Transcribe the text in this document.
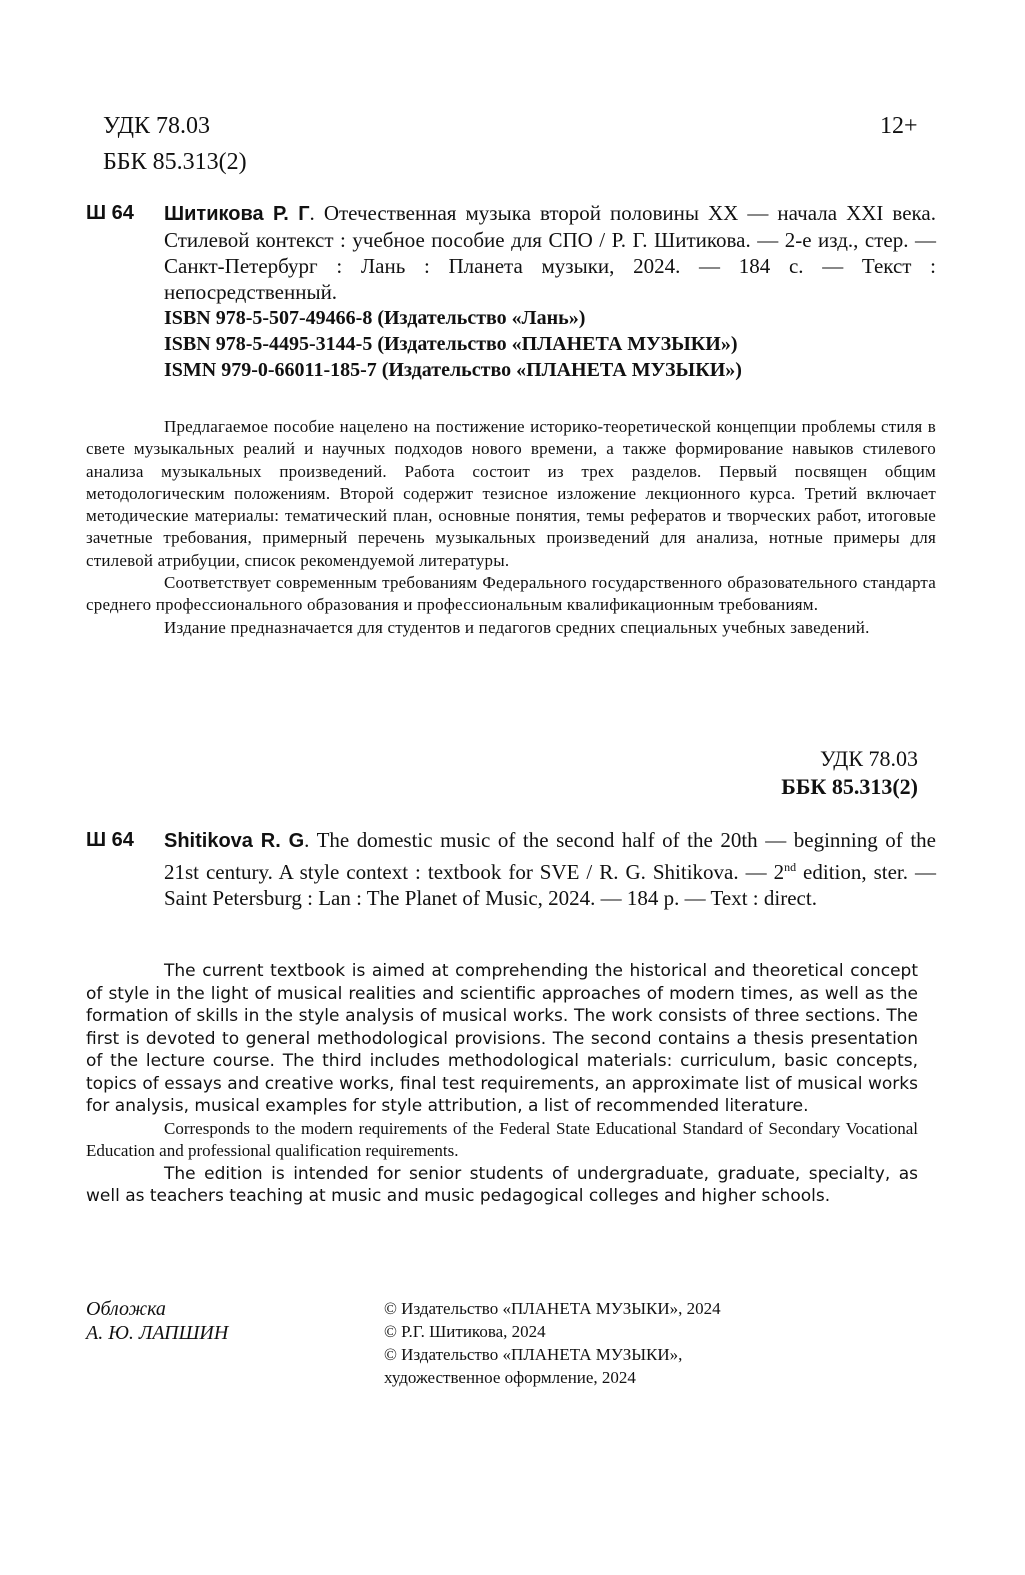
УДК 78.03
ББК 85.313(2)
12+
Ш 64 Шитикова Р. Г. Отечественная музыка второй половины XX — начала XXI века. Стилевой контекст : учебное пособие для СПО / Р. Г. Шитикова. — 2-е изд., стер. — Санкт-Петербург : Лань : Планета музыки, 2024. — 184 с. — Текст : непосредственный.
ISBN 978-5-507-49466-8 (Издательство «Лань»)
ISBN 978-5-4495-3144-5 (Издательство «ПЛАНЕТА МУЗЫКИ»)
ISMN 979-0-66011-185-7 (Издательство «ПЛАНЕТА МУЗЫКИ»)

Предлагаемое пособие нацелено на постижение историко-теоретической концепции проблемы стиля в свете музыкальных реалий и научных подходов нового времени, а также формирование навыков стилевого анализа музыкальных произведений. Работа состоит из трех разделов. Первый посвящен общим методологическим положениям. Второй содержит тезисное изложение лекционного курса. Третий включает методические материалы: тематический план, основные понятия, темы рефератов и творческих работ, итоговые зачетные требования, примерный перечень музыкальных произведений для анализа, нотные примеры для стилевой атрибуции, список рекомендуемой литературы.

Соответствует современным требованиям Федерального государственного образовательного стандарта среднего профессионального образования и профессиональным квалификационным требованиям.

Издание предназначается для студентов и педагогов средних специальных учебных заведений.

УДК 78.03
ББК 85.313(2)
Ш 64 Shitikova R. G. The domestic music of the second half of the 20th — beginning of the 21st century. A style context : textbook for SVE / R. G. Shitikova. — 2nd edition, ster. — Saint Petersburg : Lan : The Planet of Music, 2024. — 184 p. — Text : direct.

The current textbook is aimed at comprehending the historical and theoretical concept of style in the light of musical realities and scientific approaches of modern times, as well as the formation of skills in the style analysis of musical works. The work consists of three sections. The first is devoted to general methodological provisions. The second contains a thesis presentation of the lecture course. The third includes methodological materials: curriculum, basic concepts, topics of essays and creative works, final test requirements, an approximate list of musical works for analysis, musical examples for style attribution, a list of recommended literature.

Corresponds to the modern requirements of the Federal State Educational Standard of Secondary Vocational Education and professional qualification requirements.

The edition is intended for senior students of undergraduate, graduate, specialty, as well as teachers teaching at music and music pedagogical colleges and higher schools.

Обложка
А. Ю. ЛАПШИН
© Издательство «ПЛАНЕТА МУЗЫКИ», 2024
© Р.Г. Шитикова, 2024
© Издательство «ПЛАНЕТА МУЗЫКИ»,
художественное оформление, 2024
